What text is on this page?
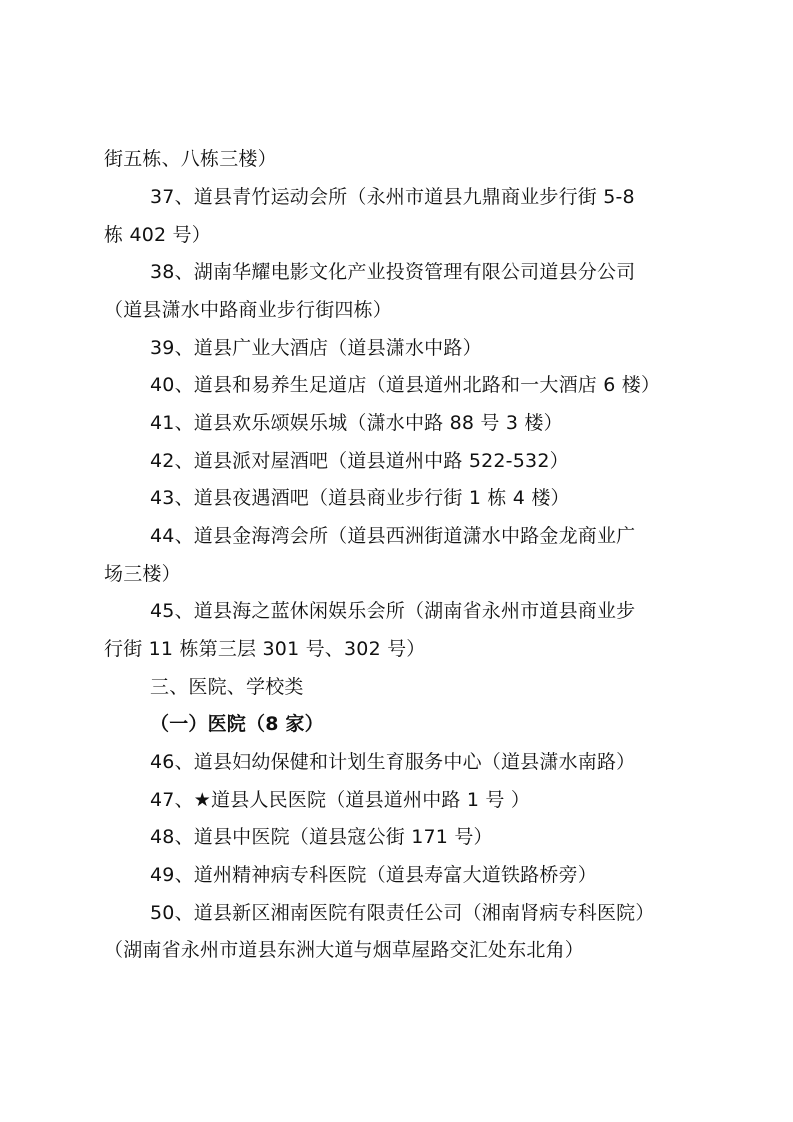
街五栋、八栋三楼）
37、道县青竹运动会所（永州市道县九鼎商业步行街 5-8
栋 402 号）
38、湖南华耀电影文化产业投资管理有限公司道县分公司
（道县潇水中路商业步行街四栋）
39、道县广业大酒店（道县潇水中路）
40、道县和易养生足道店（道县道州北路和一大酒店 6 楼）
41、道县欢乐颂娱乐城（潇水中路 88 号 3 楼）
42、道县派对屋酒吧（道县道州中路 522-532）
43、道县夜遇酒吧（道县商业步行街 1 栋 4 楼）
44、道县金海湾会所（道县西洲街道潇水中路金龙商业广
场三楼）
45、道县海之蓝休闲娱乐会所（湖南省永州市道县商业步
行街 11 栋第三层 301 号、302 号）
三、医院、学校类
（一）医院（8 家）
46、道县妇幼保健和计划生育服务中心（道县潇水南路）
47、★道县人民医院（道县道州中路 1 号 ）
48、道县中医院（道县寇公街 171 号）
49、道州精神病专科医院（道县寿富大道铁路桥旁）
50、道县新区湘南医院有限责任公司（湘南肾病专科医院）
（湖南省永州市道县东洲大道与烟草屋路交汇处东北角）
